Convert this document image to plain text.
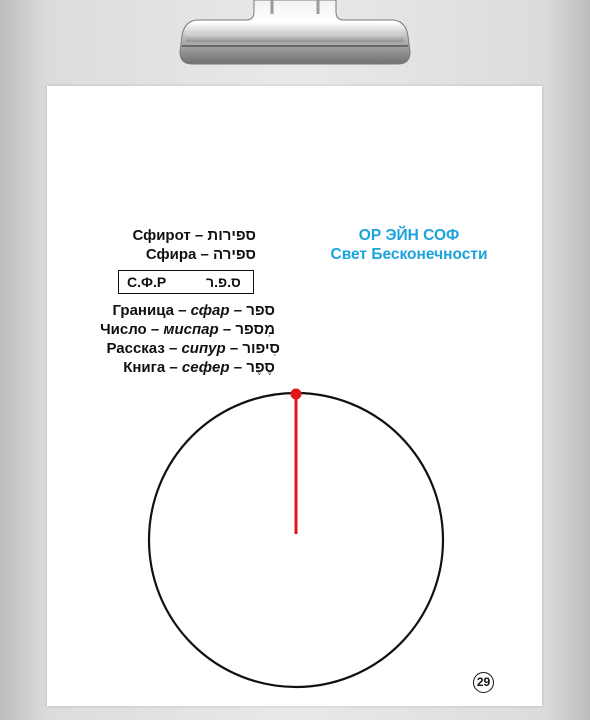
Сфирот – ספירות
Сфира – ספירה
С.Ф.Р	ס.פ.ר
Граница – сфар – ספר
Число – миспар – מִספר
Рассказ – сипур – סִיפור
Книга – сефер – סֶפֶר
ОР ЭЙН СОФ
Свет Бесконечности
29
